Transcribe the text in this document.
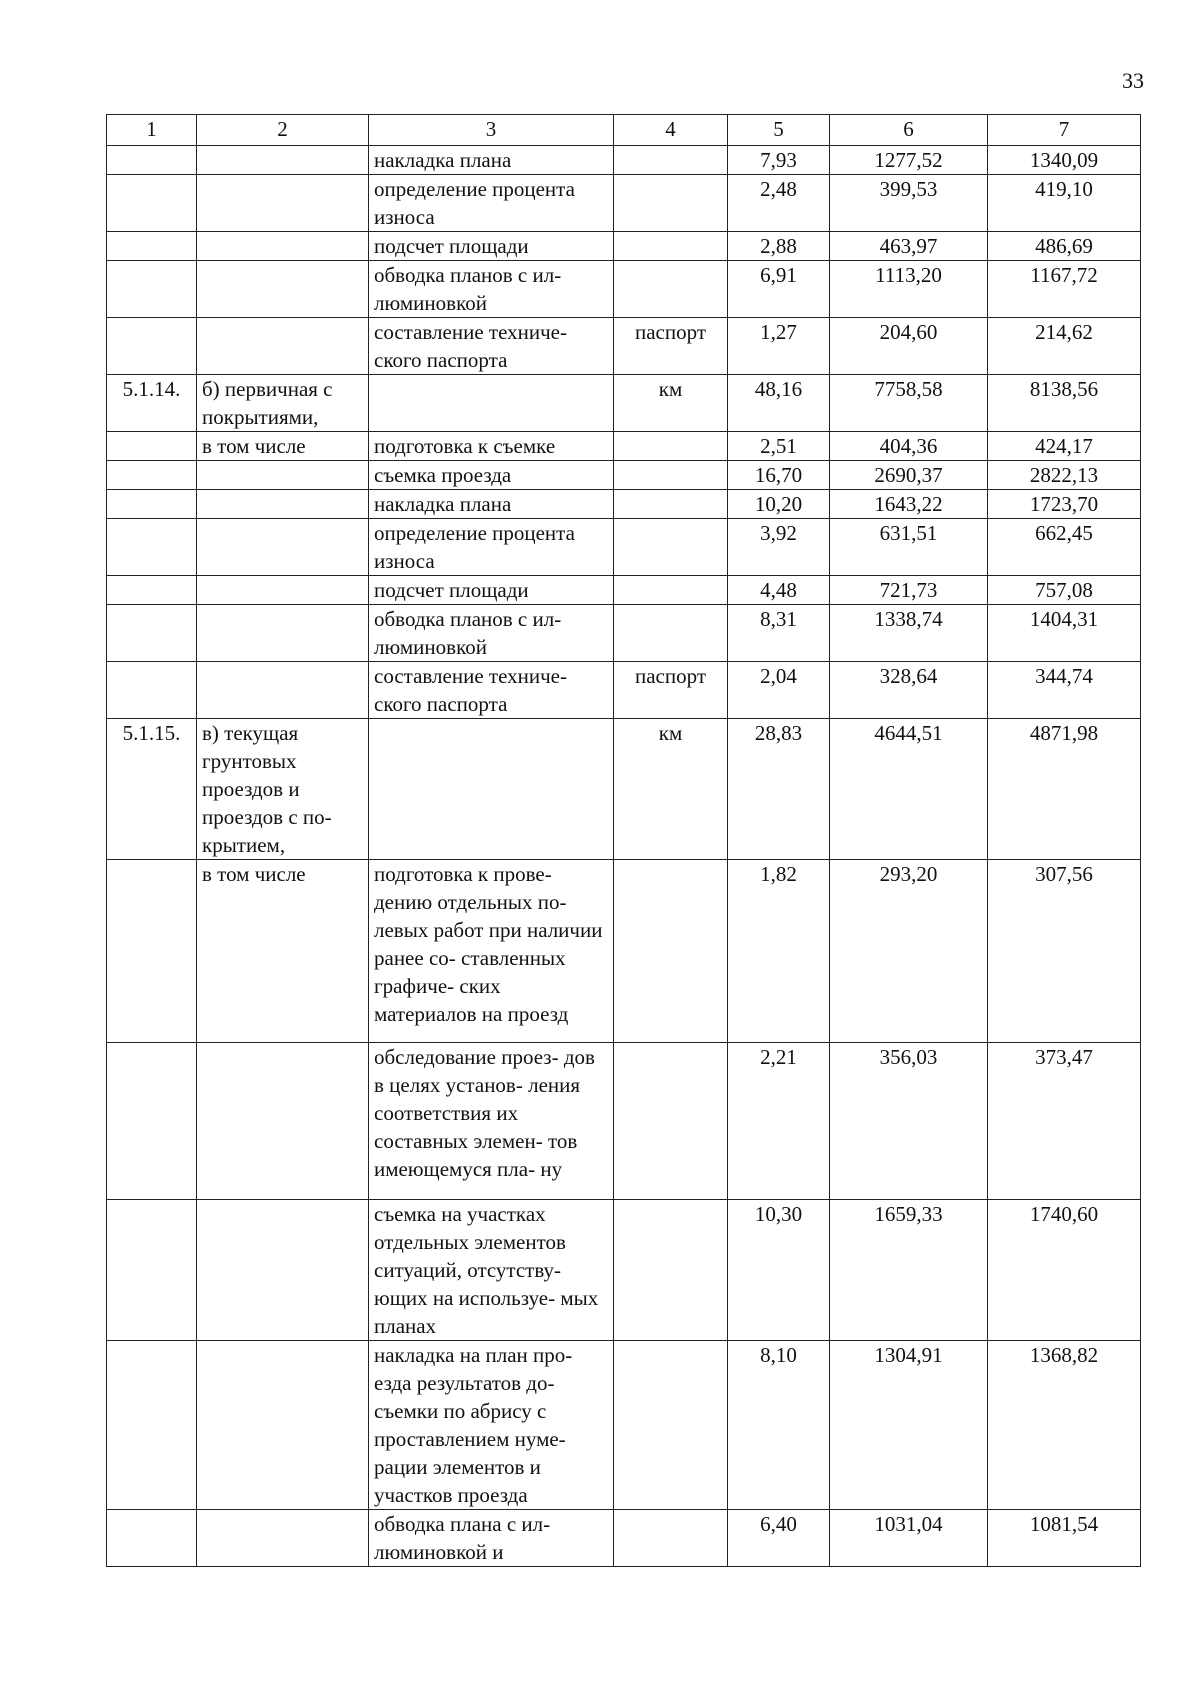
33
1	2	3	4	5	6	7
		накладка плана		7,93	1277,52	1340,09
		определение процента износа		2,48	399,53	419,10
		подсчет площади		2,88	463,97	486,69
		обводка планов с ил- люминовкой		6,91	1113,20	1167,72
		составление техниче- ского паспорта	паспорт	1,27	204,60	214,62
5.1.14.	б) первичная с покрытиями,		км	48,16	7758,58	8138,56
	в том числе	подготовка к съемке		2,51	404,36	424,17
		съемка проезда		16,70	2690,37	2822,13
		накладка плана		10,20	1643,22	1723,70
		определение процента износа		3,92	631,51	662,45
		подсчет площади		4,48	721,73	757,08
		обводка планов с ил- люминовкой		8,31	1338,74	1404,31
		составление техниче- ского паспорта	паспорт	2,04	328,64	344,74
5.1.15.	в) текущая грунтовых проездов и проездов с по- крытием,		км	28,83	4644,51	4871,98
	в том числе	подготовка к прове- дению отдельных по- левых работ при наличии ранее со- ставленных графиче- ских материалов на проезд		1,82	293,20	307,56
		обследование проез- дов в целях установ- ления соответствия их составных элемен- тов имеющемуся пла- ну		2,21	356,03	373,47
		съемка на участках отдельных элементов ситуаций, отсутству- ющих на используе- мых планах		10,30	1659,33	1740,60
		накладка на план про- езда результатов до- съемки по абрису с проставлением нуме- рации элементов и участков проезда		8,10	1304,91	1368,82
		обводка плана с ил- люминовкой и		6,40	1031,04	1081,54
